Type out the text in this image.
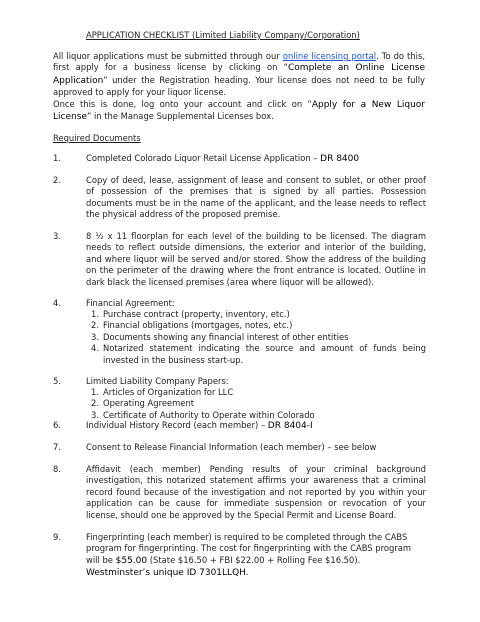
APPLICATION CHECKLIST (Limited Liability Company/Corporation)
All liquor applications must be submitted through our online licensing portal. To do this, first apply for a business license by clicking on “Complete an Online License Application” under the Registration heading. Your license does not need to be fully approved to apply for your liquor license.
Once this is done, log onto your account and click on “Apply for a New Liquor License” in the Manage Supplemental Licenses box.
Required Documents
1.	Completed Colorado Liquor Retail License Application – DR 8400
2.	Copy of deed, lease, assignment of lease and consent to sublet, or other proof of possession of the premises that is signed by all parties. Possession documents must be in the name of the applicant, and the lease needs to reflect the physical address of the proposed premise.
3.	8 ½ x 11 floorplan for each level of the building to be licensed. The diagram needs to reflect outside dimensions, the exterior and interior of the building, and where liquor will be served and/or stored. Show the address of the building on the perimeter of the drawing where the front entrance is located. Outline in dark black the licensed premises (area where liquor will be allowed).
4.	Financial Agreement:
1. Purchase contract (property, inventory, etc.)
2. Financial obligations (mortgages, notes, etc.)
3. Documents showing any financial interest of other entities
4. Notarized statement indicating the source and amount of funds being invested in the business start-up.
5.	Limited Liability Company Papers:
1. Articles of Organization for LLC
2. Operating Agreement
3. Certificate of Authority to Operate within Colorado
6.	Individual History Record (each member) – DR 8404-I
7.	Consent to Release Financial Information (each member) – see below
8.	Affidavit (each member) Pending results of your criminal background investigation, this notarized statement affirms your awareness that a criminal record found because of the investigation and not reported by you within your application can be cause for immediate suspension or revocation of your license, should one be approved by the Special Permit and License Board.
9.	Fingerprinting (each member) is required to be completed through the CABS program for fingerprinting. The cost for fingerprinting with the CABS program will be $55.00 (State $16.50 + FBI $22.00 + Rolling Fee $16.50). Westminster’s unique ID 7301LLQH.
